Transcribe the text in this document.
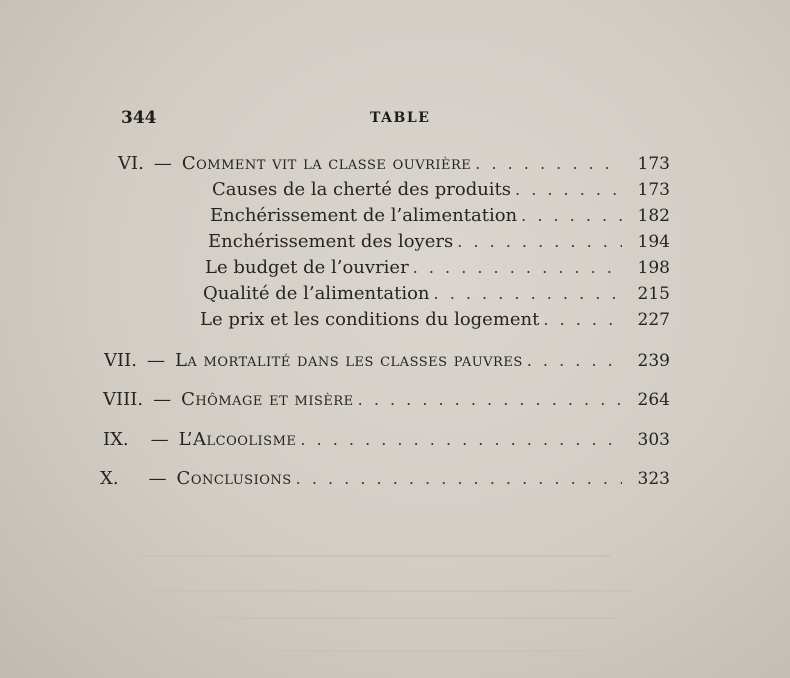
344	TABLE
VI. — Comment vit la classe ouvrière . . .	173
Causes de la cherté des produits . . .	173
Enchérissement de l’alimentation . . .	182
Enchérissement des loyers . . .	194
Le budget de l’ouvrier . . .	198
Qualité de l’alimentation . . .	215
Le prix et les conditions du logement . . .	227
VII. — La mortalité dans les classes pauvres . . .	239
VIII. — Chômage et misère . . .	264
IX. — L’Alcoolisme . . .	303
X. — Conclusions . . .	323
